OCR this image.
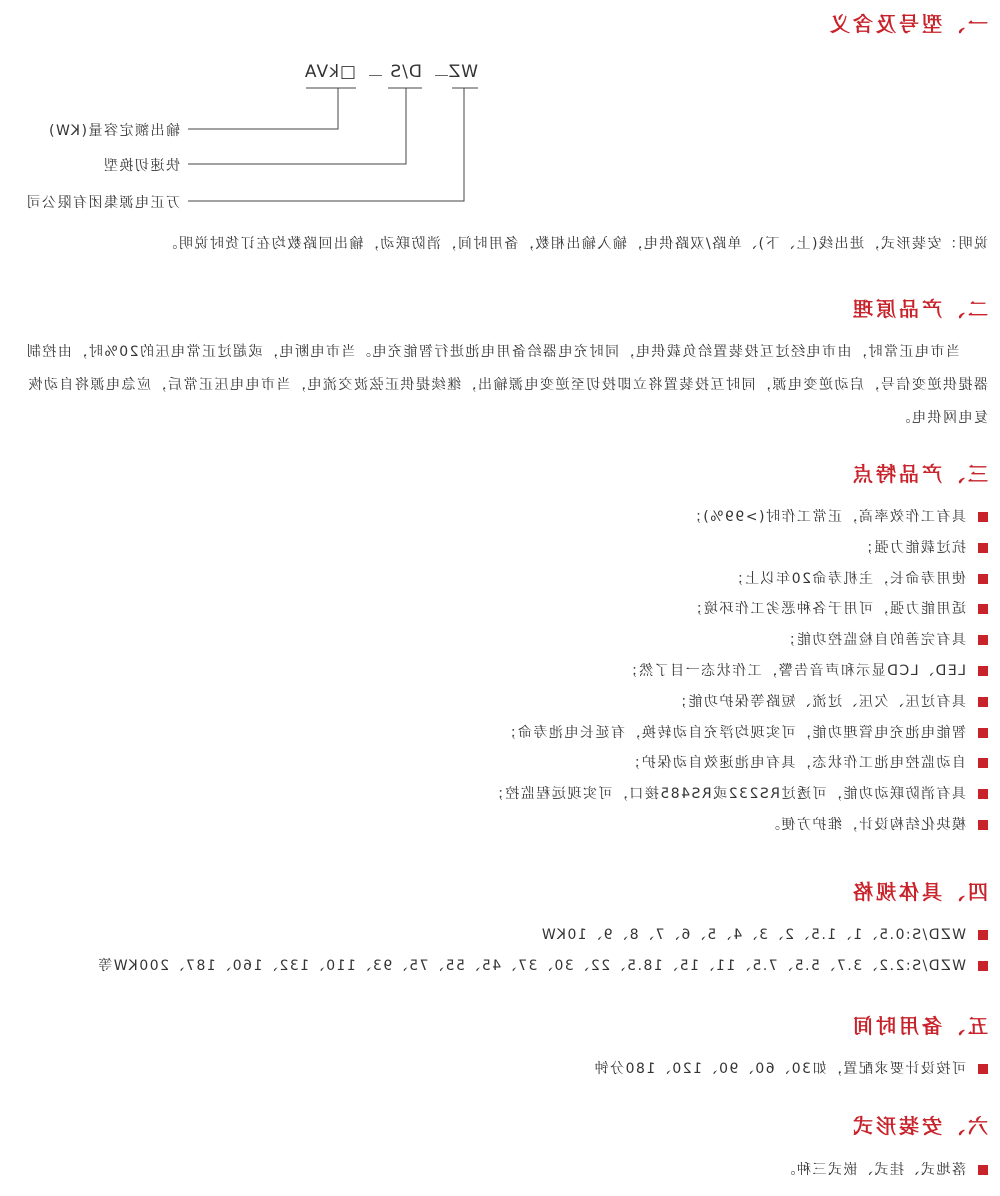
一、型号及含义
WZ
－
D/S
－
□kVA
输出额定容量(KW)
快速切换型
万正电源集团有限公司

说明：安装形式，进出线(上、下)、单路/双路供电，输入输出相数，备用时间，消防联动，输出回路数均在订货时说明。

二、产品原理

当市电正常时，由市电经过互投装置给负载供电，同时充电器给备用电池进行智能充电。当市电断电，或超过正常电压的20%时，由控制器提供逆变信号，启动逆变电源，同时互投装置将立即投切至逆变电源输出，继续提供正弦波交流电，当市电电压正常后，应急电源将自动恢复电网供电。

三、产品特点
具有工作效率高，正常工作时(>99%)；
抗过载能力强；
使用寿命长，主机寿命20年以上；
适用能力强，可用于各种恶劣工作环境；
具有完善的自检监控功能；
LED、LCD显示和声音告警，工作状态一目了然；
具有过压、欠压、过流、短路等保护功能；
智能电池充电管理功能，可实现均浮充自动转换，有延长电池寿命；
自动监控电池工作状态，具有电池速效自动保护；
具有消防联动功能，可透过RS232或RS485接口，可实现远程监控；
模块化结构设计，维护方便。
四、具体规格
WZD/S:0.5、1、1.5、2、3、4、5、6、7、8、9、10KW
WZD/S:2.2、3.7、5.5、7.5、11、15、18.5、22、30、37、45、55、75、93、110、132、160、187、200KW等
五、备用时间
可按设计要求配置，如30、60、90、120、180分钟
六、安装形式
落地式、挂式、嵌式三种。
